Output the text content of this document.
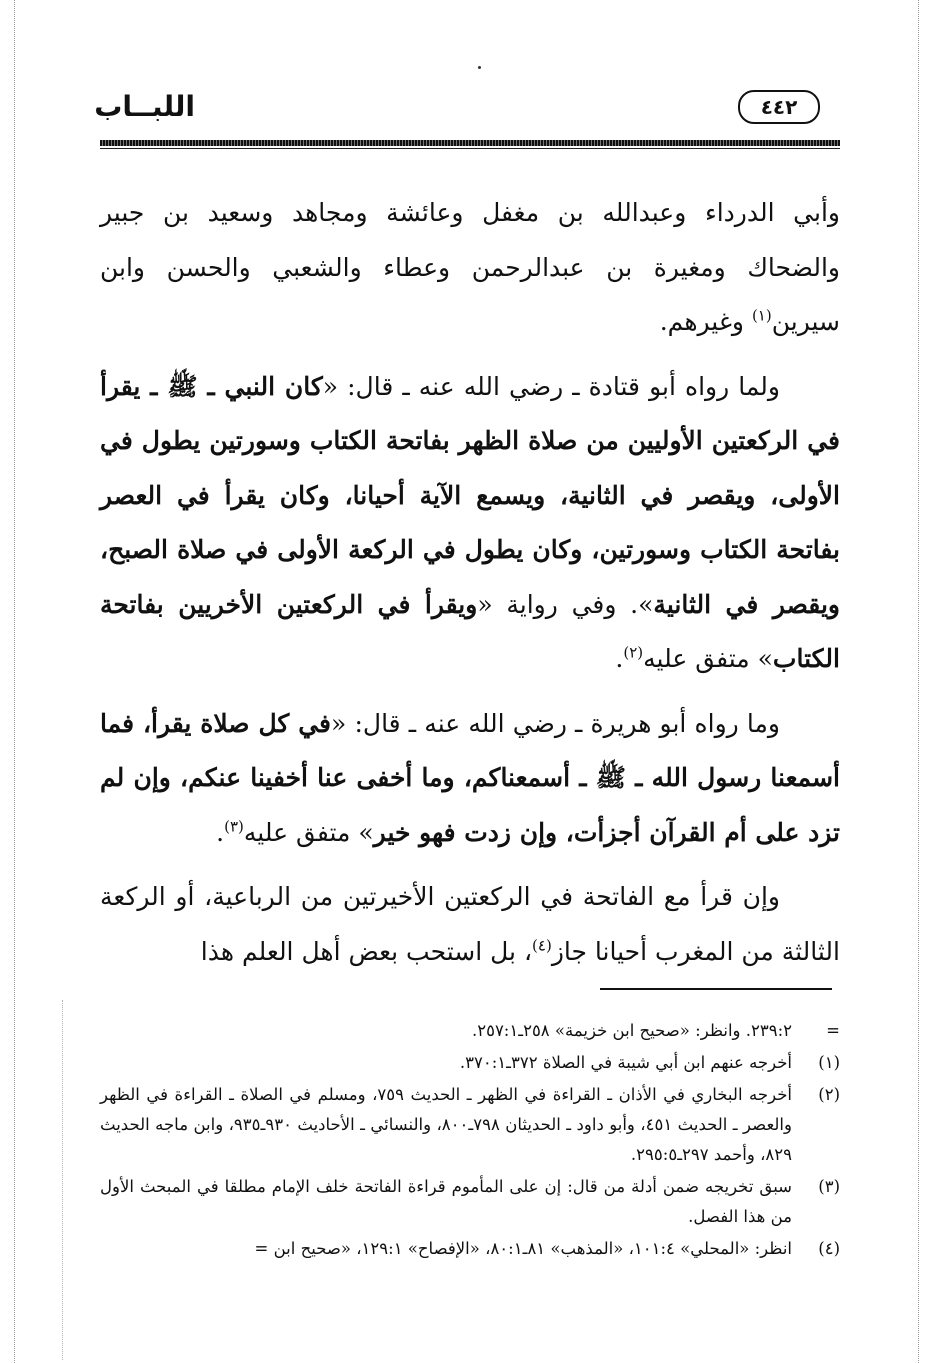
اللبــاب	٤٤٢

وأبي الدرداء وعبدالله بن مغفل وعائشة ومجاهد وسعيد بن جبير والضحاك ومغيرة بن عبدالرحمن وعطاء والشعبي والحسن وابن سيرين$^{(١)}$ وغيرهم.

ولما رواه أبو قتادة ـ رضي الله عنه ـ قال: «كان النبي ـ ﷺ ـ يقرأ في الركعتين الأوليين من صلاة الظهر بفاتحة الكتاب وسورتين يطول في الأولى، ويقصر في الثانية، ويسمع الآية أحيانا، وكان يقرأ في العصر بفاتحة الكتاب وسورتين، وكان يطول في الركعة الأولى في صلاة الصبح، ويقصر في الثانية». وفي رواية «ويقرأ في الركعتين الأخريين بفاتحة الكتاب» متفق عليه$^{(٢)}$.

وما رواه أبو هريرة ـ رضي الله عنه ـ قال: «في كل صلاة يقرأ، فما أسمعنا رسول الله ـ ﷺ ـ أسمعناكم، وما أخفى عنا أخفينا عنكم، وإن لم تزد على أم القرآن أجزأت، وإن زدت فهو خير» متفق عليه$^{(٣)}$.

وإن قرأ مع الفاتحة في الركعتين الأخيرتين من الرباعية، أو الركعة الثالثة من المغرب أحيانا جاز$^{(٤)}$، بل استحب بعض أهل العلم هذا

=
٢٣٩:٢. وانظر: «صحيح ابن خزيمة» ٢٥٨ـ٢٥٧:١.
(١)
أخرجه عنهم ابن أبي شيبة في الصلاة ٣٧٢ـ٣٧٠:١.
(٢)
أخرجه البخاري في الأذان ـ القراءة في الظهر ـ الحديث ٧٥٩، ومسلم في الصلاة ـ القراءة في الظهر والعصر ـ الحديث ٤٥١، وأبو داود ـ الحديثان ٧٩٨ـ٨٠٠، والنسائي ـ الأحاديث ٩٣٠ـ٩٣٥، وابن ماجه الحديث ٨٢٩، وأحمد ٢٩٧ـ٢٩٥:٥.
(٣)
سبق تخريجه ضمن أدلة من قال: إن على المأموم قراءة الفاتحة خلف الإمام مطلقا في المبحث الأول من هذا الفصل.
(٤)
انظر: «المحلي» ١٠١:٤، «المذهب» ٨١ـ٨٠:١، «الإفصاح» ١٢٩:١، «صحيح ابن =
